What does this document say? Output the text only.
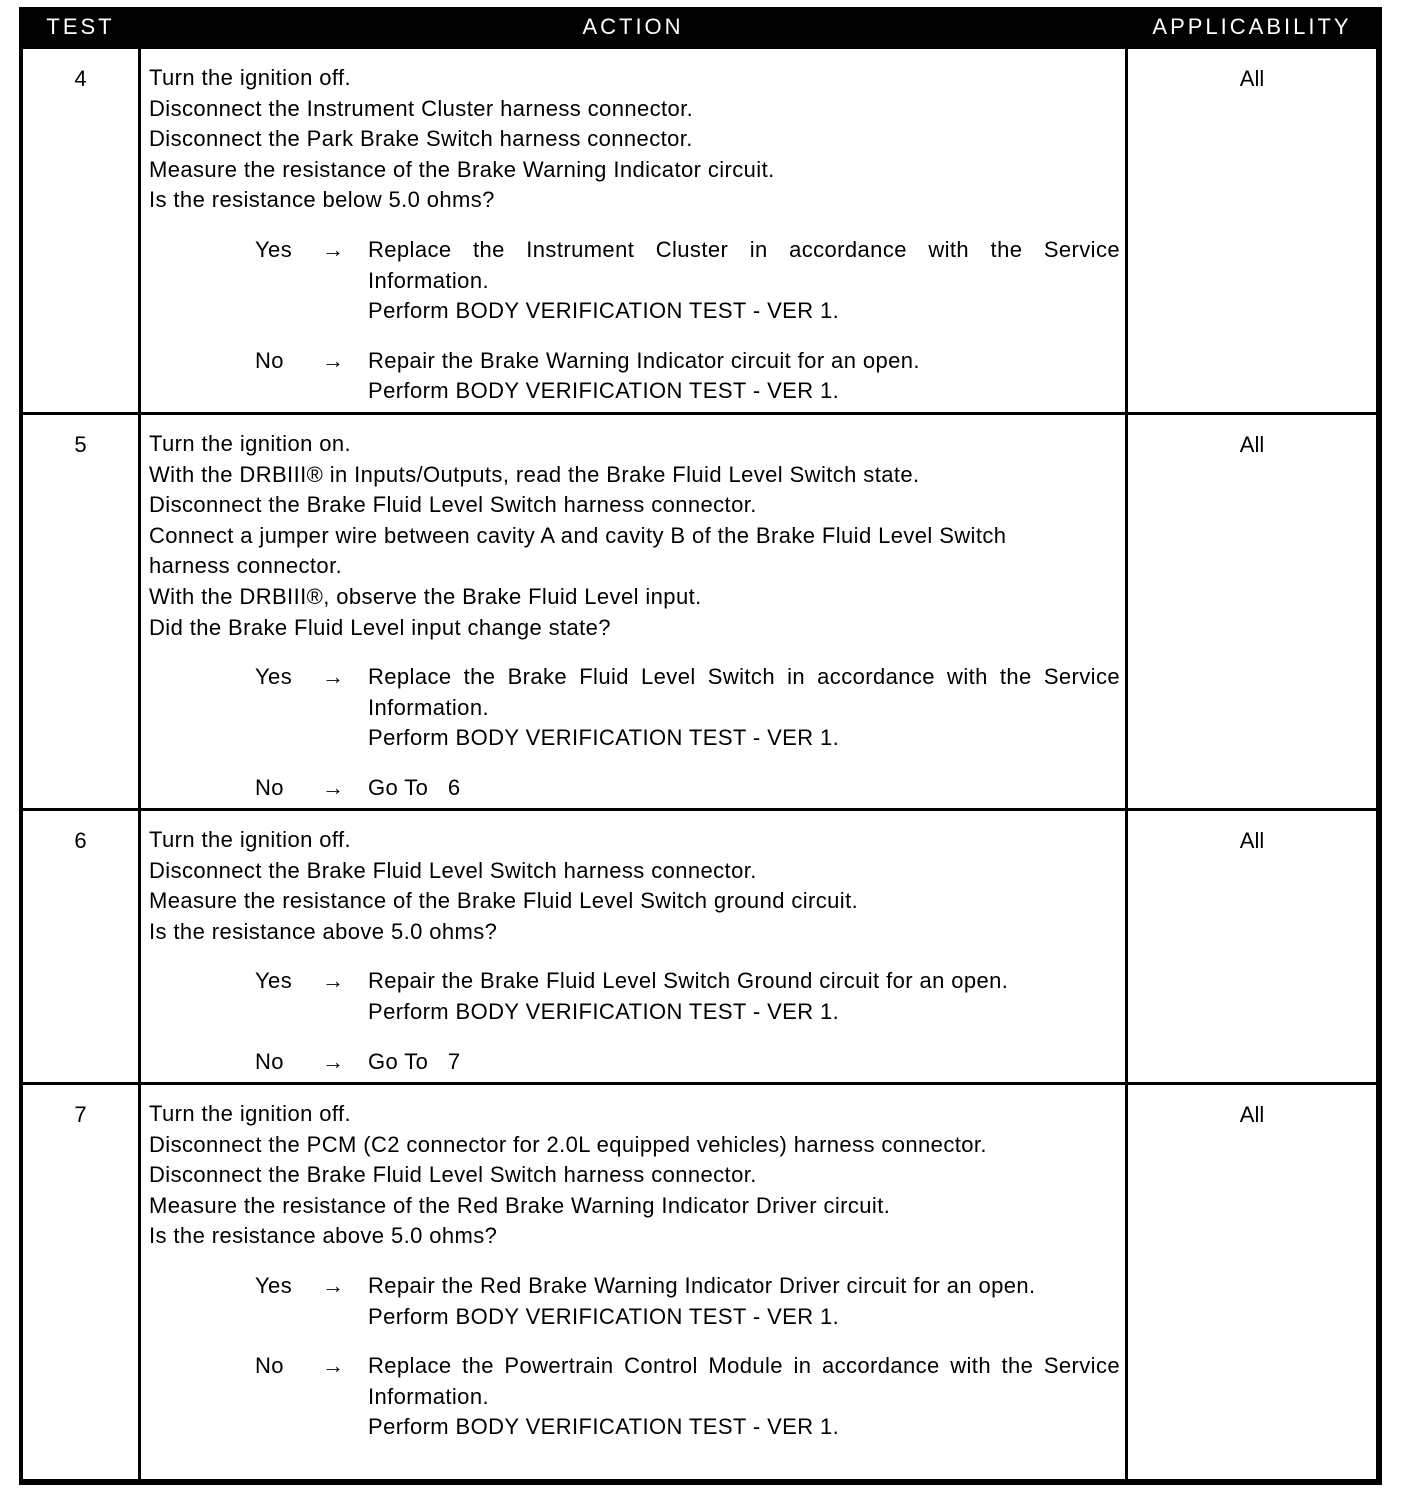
TEST	ACTION	APPLICABILITY
4	Turn the ignition off.
Disconnect the Instrument Cluster harness connector.
Disconnect the Park Brake Switch harness connector.
Measure the resistance of the Brake Warning Indicator circuit.
Is the resistance below 5.0 ohms?
Yes → Replace the Instrument Cluster in accordance with the Service Information.
Perform BODY VERIFICATION TEST - VER 1.
No → Repair the Brake Warning Indicator circuit for an open.
Perform BODY VERIFICATION TEST - VER 1.
All
5	Turn the ignition on.
With the DRBIII® in Inputs/Outputs, read the Brake Fluid Level Switch state.
Disconnect the Brake Fluid Level Switch harness connector.
Connect a jumper wire between cavity A and cavity B of the Brake Fluid Level Switch
harness connector.
With the DRBIII®, observe the Brake Fluid Level input.
Did the Brake Fluid Level input change state?
Yes → Replace the Brake Fluid Level Switch in accordance with the Service Information.
Perform BODY VERIFICATION TEST - VER 1.
No → Go To   6
All
6	Turn the ignition off.
Disconnect the Brake Fluid Level Switch harness connector.
Measure the resistance of the Brake Fluid Level Switch ground circuit.
Is the resistance above 5.0 ohms?
Yes → Repair the Brake Fluid Level Switch Ground circuit for an open.
Perform BODY VERIFICATION TEST - VER 1.
No → Go To   7
All
7	Turn the ignition off.
Disconnect the PCM (C2 connector for 2.0L equipped vehicles) harness connector.
Disconnect the Brake Fluid Level Switch harness connector.
Measure the resistance of the Red Brake Warning Indicator Driver circuit.
Is the resistance above 5.0 ohms?
Yes → Repair the Red Brake Warning Indicator Driver circuit for an open.
Perform BODY VERIFICATION TEST - VER 1.
No → Replace the Powertrain Control Module in accordance with the Service Information.
Perform BODY VERIFICATION TEST - VER 1.
All
